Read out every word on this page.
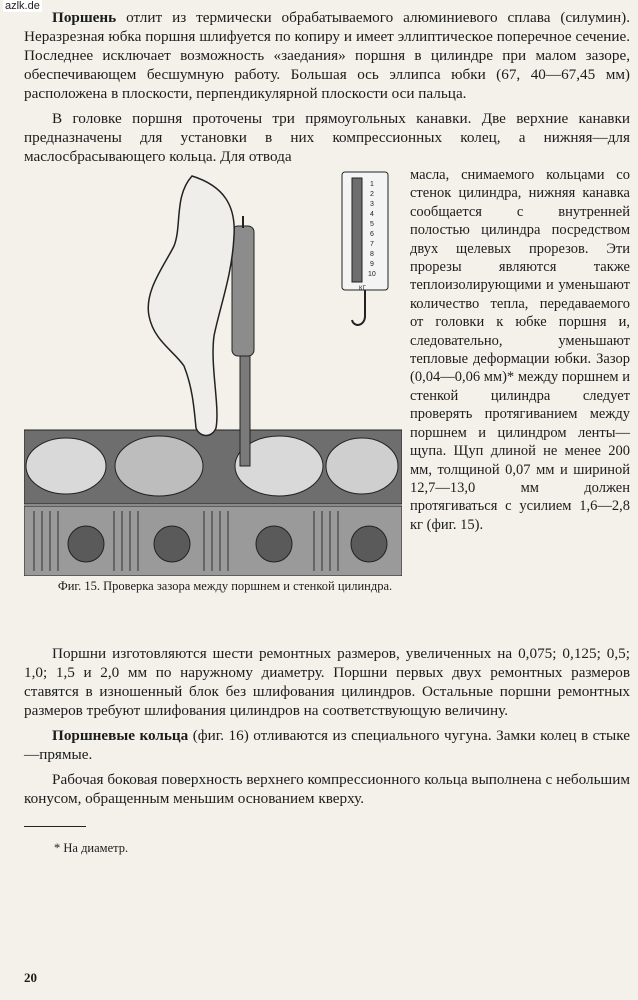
azlk.de

Поршень отлит из термически обрабатываемого алюминиевого сплава (силумин). Неразрезная юбка поршня шлифуется по копиру и имеет эллиптическое поперечное сечение. Последнее исключает возможность «заедания» поршня в цилиндре при малом зазоре, обеспечивающем бесшумную работу. Большая ось эллипса юбки (67, 40—67,45 мм) расположена в плоскости, перпендикулярной плоскости оси пальца.

В головке поршня проточены три прямоугольных канавки. Две верхние канавки предназначены для установки в них компрессионных колец, а нижняя—для маслосбрасывающего кольца. Для отвода

1
2
3
4
5
6
7
8
9
10
КГ
Фиг. 15. Проверка зазора между поршнем и стенкой цилиндра.
масла, снимаемого кольцами со стенок цилиндра, нижняя канавка сообщается с внутренней полостью цилиндра посредством двух щелевых прорезов. Эти прорезы являются также теплоизолирующими и уменьшают количество тепла, передаваемого от головки к юбке поршня и, следовательно, уменьшают тепловые деформации юбки. Зазор (0,04—0,06 мм)* между поршнем и стенкой цилиндра следует проверять протягиванием между поршнем и цилиндром ленты—щупа. Щуп длиной не менее 200 мм, толщиной 0,07 мм и шириной 12,7—13,0 мм должен протягиваться с усилием 1,6—2,8 кг (фиг. 15).

Поршни изготовляются шести ремонтных размеров, увеличенных на 0,075; 0,125; 0,5; 1,0; 1,5 и 2,0 мм по наружному диаметру. Поршни первых двух ремонтных размеров ставятся в изношенный блок без шлифования цилиндров. Остальные поршни ремонтных размеров требуют шлифования цилиндров на соответствующую величину.

Поршневые кольца (фиг. 16) отливаются из специального чугуна. Замки колец в стыке—прямые.

Рабочая боковая поверхность верхнего компрессионного кольца выполнена с небольшим конусом, обращенным меньшим основанием кверху.

* На диаметр.
20
